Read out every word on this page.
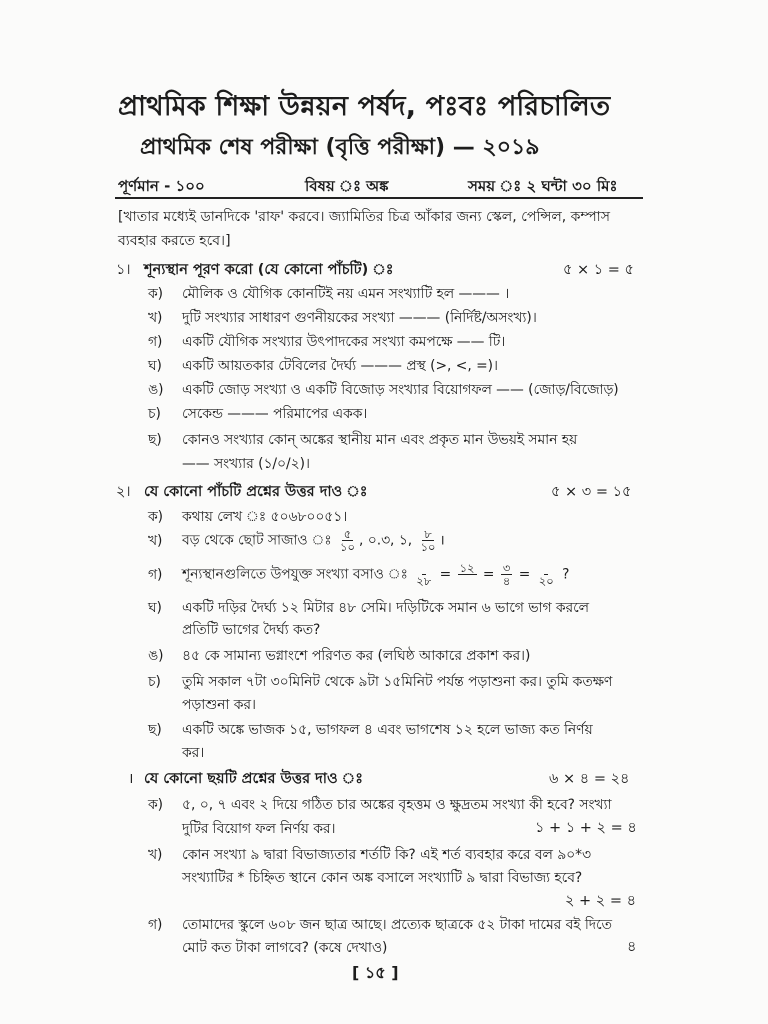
প্রাথমিক শিক্ষা উন্নয়ন পর্ষদ, পঃবঃ পরিচালিত
প্রাথমিক শেষ পরীক্ষা (বৃত্তি পরীক্ষা) — ২০১৯
পূর্ণমান - ১০০	বিষয় ঃ অঙ্ক	সময় ঃ ২ ঘন্টা ৩০ মিঃ
[খাতার মধ্যেই ডানদিকে 'রাফ' করবে। জ্যামিতির চিত্র আঁকার জন্য স্কেল, পেন্সিল, কম্পাস ব্যবহার করতে হবে।]
১। শূন্যস্থান পূরণ করো (যে কোনো পাঁচটি) ঃ	৫ × ১ = ৫
ক) মৌলিক ও যৌগিক কোনটিই নয় এমন সংখ্যাটি হল ——— ।
খ) দুটি সংখ্যার সাধারণ গুণনীয়কের সংখ্যা ——— (নির্দিষ্ট/অসংখ্য)।
গ) একটি যৌগিক সংখ্যার উৎপাদকের সংখ্যা কমপক্ষে —— টি।
ঘ) একটি আয়তকার টেবিলের দৈর্ঘ্য ——— প্রস্থ (>, <, =)।
ঙ) একটি জোড় সংখ্যা ও একটি বিজোড় সংখ্যার বিয়োগফল —— (জোড়/বিজোড়)
চ) সেকেন্ড ——— পরিমাপের একক।
ছ) কোনও সংখ্যার কোন্ অঙ্কের স্থানীয় মান এবং প্রকৃত মান উভয়ই সমান হয়
—— সংখ্যার (১/০/২)।
২। যে কোনো পাঁচটি প্রশ্নের উত্তর দাও ঃ	৫ × ৩ = ১৫
ক) কথায় লেখ ঃ ৫০৬৮০০৫১।
খ) বড় থেকে ছোট সাজাও ঃ $\frac{৫}{১০}$ , ০.৩, ১, $\frac{৮}{১০}$ ।
গ) শূন্যস্থানগুলিতে উপযুক্ত সংখ্যা বসাও ঃ ২৮ = ১২ = $\frac{৩}{৪}$ = ২০ ?
ঘ) একটি দড়ির দৈর্ঘ্য ১২ মিটার ৪৮ সেমি। দড়িটিকে সমান ৬ ভাগে ভাগ করলে
প্রতিটি ভাগের দৈর্ঘ্য কত?
ঙ) ৪৫ কে সামান্য ভগ্নাংশে পরিণত কর (লঘিষ্ঠ আকারে প্রকাশ কর।)
চ) তুমি সকাল ৭টা ৩০মিনিট থেকে ৯টা ১৫মিনিট পর্যন্ত পড়াশুনা কর। তুমি কতক্ষণ
পড়াশুনা কর।
ছ) একটি অঙ্কে ভাজক ১৫, ভাগফল ৪ এবং ভাগশেষ ১২ হলে ভাজ্য কত নির্ণয়
কর।
। যে কোনো ছয়টি প্রশ্নের উত্তর দাও ঃ	৬ × ৪ = ২৪
ক) ৫, ০, ৭ এবং ২ দিয়ে গঠিত চার অঙ্কের বৃহত্তম ও ক্ষুদ্রতম সংখ্যা কী হবে? সংখ্যা
দুটির বিয়োগ ফল নির্ণয় কর।	১ + ১ + ২ = ৪
খ) কোন সংখ্যা ৯ দ্বারা বিভাজ্যতার শর্তটি কি? এই শর্ত ব্যবহার করে বল ৯০*৩
সংখ্যাটির * চিহ্নিত স্থানে কোন অঙ্ক বসালে সংখ্যাটি ৯ দ্বারা বিভাজ্য হবে?
২ + ২ = ৪
গ) তোমাদের স্কুলে ৬০৮ জন ছাত্র আছে। প্রত্যেক ছাত্রকে ৫২ টাকা দামের বই দিতে
মোট কত টাকা লাগবে? (কষে দেখাও)	৪
[ ১৫ ]
